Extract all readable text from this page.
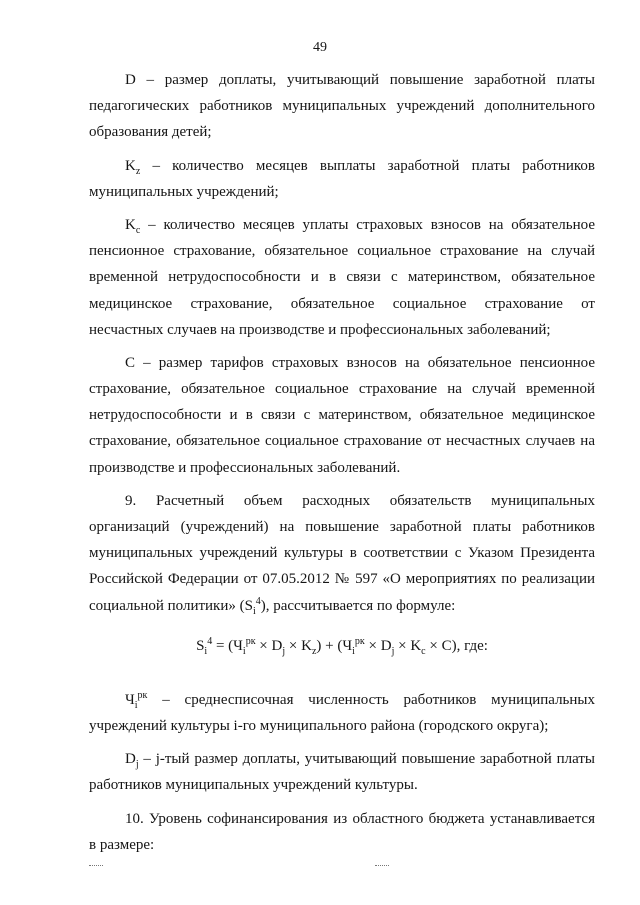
49
D – размер доплаты, учитывающий повышение заработной платы
педагогических работников муниципальных учреждений дополнительного
образования детей;
$K_z$ – количество месяцев выплаты заработной платы работников
муниципальных учреждений;
$K_c$ – количество месяцев уплаты страховых взносов на обязательное
пенсионное страхование, обязательное социальное страхование на случай
временной нетрудоспособности и в связи с материнством, обязательное
медицинское страхование, обязательное социальное страхование от
несчастных случаев на производстве и профессиональных заболеваний;
С – размер тарифов страховых взносов на обязательное пенсионное
страхование, обязательное социальное страхование на случай временной
нетрудоспособности и в связи с материнством, обязательное медицинское
страхование, обязательное социальное страхование от несчастных случаев на
производстве и профессиональных заболеваний.
9. Расчетный объем расходных обязательств муниципальных
организаций (учреждений) на повышение заработной платы работников
муниципальных учреждений культуры в соответствии с Указом Президента
Российской Федерации от 07.05.2012 № 597 «О мероприятиях по реализации
социальной политики» $(S_i^4)$, рассчитывается по формуле:
$S_i^4 = (Ч_i^{рк} \times D_j \times K_z) + (Ч_i^{рк} \times D_j \times K_c \times С)$, где:
$Ч_i^{рк}$ – среднесписочная численность работников муниципальных
учреждений культуры i-го муниципального района (городского округа);
$D_j - j-тый$ размер доплаты, учитывающий повышение заработной платы
работников муниципальных учреждений культуры.
10. Уровень софинансирования из областного бюджета устанавливается
в размере:
